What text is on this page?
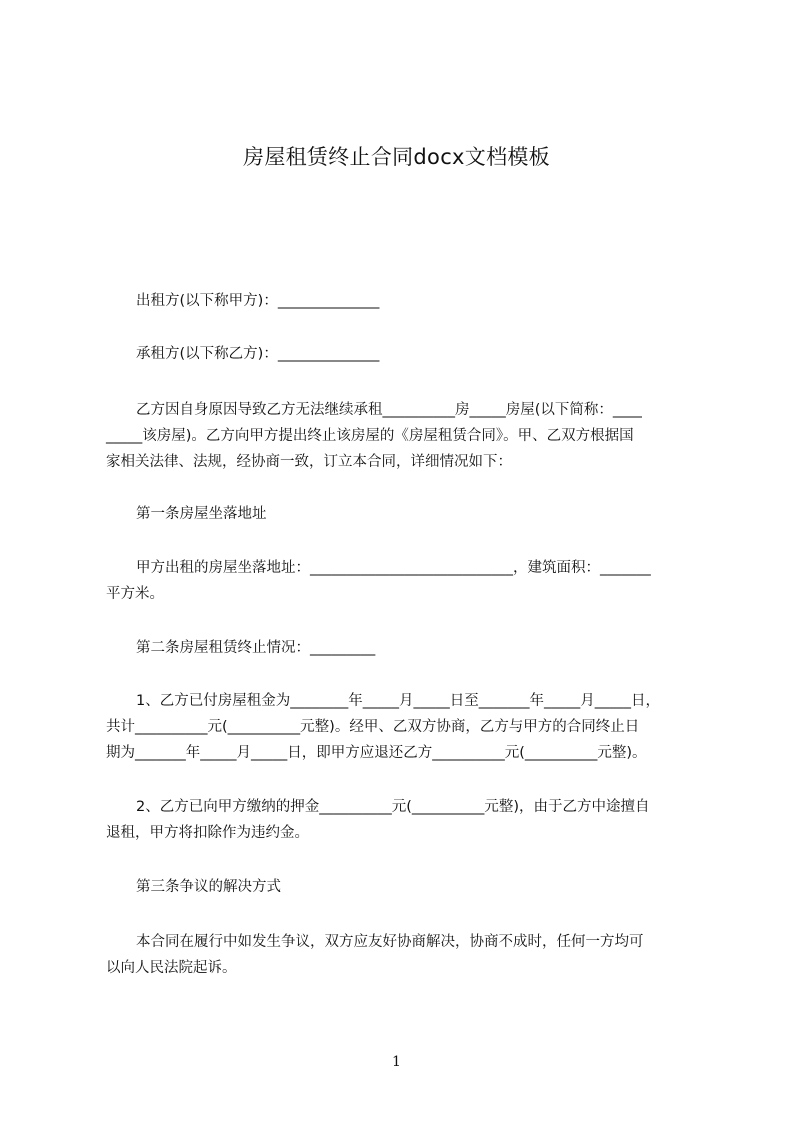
房屋租赁终止合同docx文档模板

出租方(以下称甲方)：______________

承租方(以下称乙方)：______________

乙方因自身原因导致乙方无法继续承租__________房_____房屋(以下简称：____
_____该房屋)。乙方向甲方提出终止该房屋的《房屋租赁合同》。甲、乙双方根据国
家相关法律、法规，经协商一致，订立本合同，详细情况如下：

第一条房屋坐落地址

甲方出租的房屋坐落地址：____________________________，建筑面积：_______
平方米。

第二条房屋租赁终止情况：_________

1、乙方已付房屋租金为________年_____月_____日至_______年_____月_____日，
共计__________元(__________元整)。经甲、乙双方协商，乙方与甲方的合同终止日
期为_______年_____月_____日，即甲方应退还乙方__________元(__________元整)。
2、乙方已向甲方缴纳的押金__________元(__________元整)，由于乙方中途擅自
退租，甲方将扣除作为违约金。

第三条争议的解决方式

本合同在履行中如发生争议，双方应友好协商解决，协商不成时，任何一方均可
以向人民法院起诉。
1
